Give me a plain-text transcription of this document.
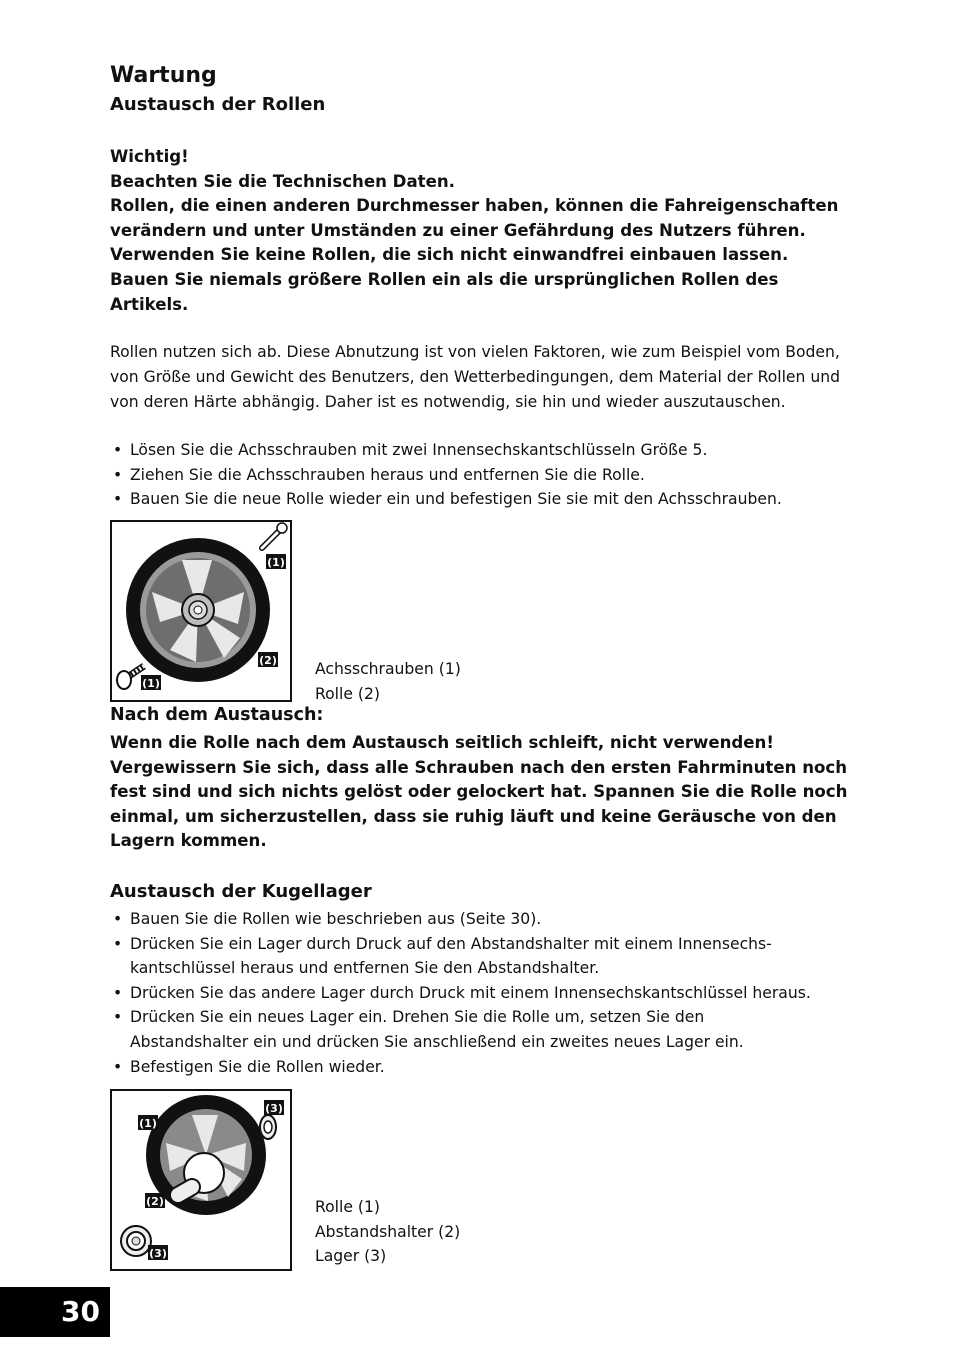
Wartung
Austausch der Rollen
Wichtig!
Beachten Sie die Technischen Daten.
Rollen, die einen anderen Durchmesser haben, können die Fahreigenschaften
verändern und unter Umständen zu einer Gefährdung des Nutzers führen.
Verwenden Sie keine Rollen, die sich nicht einwandfrei einbauen lassen.
Bauen Sie niemals größere Rollen ein als die ursprünglichen Rollen des
Artikels.
Rollen nutzen sich ab. Diese Abnutzung ist von vielen Faktoren, wie zum Beispiel vom Boden,
von Größe und Gewicht des Benutzers, den Wetterbedingungen, dem Material der Rollen und
von deren Härte abhängig. Daher ist es notwendig, sie hin und wieder auszutauschen.
• Lösen Sie die Achsschrauben mit zwei Innensechskantschlüsseln Größe 5.
• Ziehen Sie die Achsschrauben heraus und entfernen Sie die Rolle.
• Bauen Sie die neue Rolle wieder ein und befestigen Sie sie mit den Achsschrauben.
(1)
(2)
(1)
Achsschrauben (1)
Rolle (2)
Nach dem Austausch:
Wenn die Rolle nach dem Austausch seitlich schleift, nicht verwenden!
Vergewissern Sie sich, dass alle Schrauben nach den ersten Fahrminuten noch
fest sind und sich nichts gelöst oder gelockert hat. Spannen Sie die Rolle noch
einmal, um sicherzustellen, dass sie ruhig läuft und keine Geräusche von den
Lagern kommen.
Austausch der Kugellager
• Bauen Sie die Rollen wie beschrieben aus (Seite 30).
• Drücken Sie ein Lager durch Druck auf den Abstandshalter mit einem Innensechs-
kantschlüssel heraus und entfernen Sie den Abstandshalter.
• Drücken Sie das andere Lager durch Druck mit einem Innensechskantschlüssel heraus.
• Drücken Sie ein neues Lager ein. Drehen Sie die Rolle um, setzen Sie den
Abstandshalter ein und drücken Sie anschließend ein zweites neues Lager ein.
• Befestigen Sie die Rollen wieder.
(1)
(3)
(2)
(3)
Rolle (1)
Abstandshalter (2)
Lager (3)
30
